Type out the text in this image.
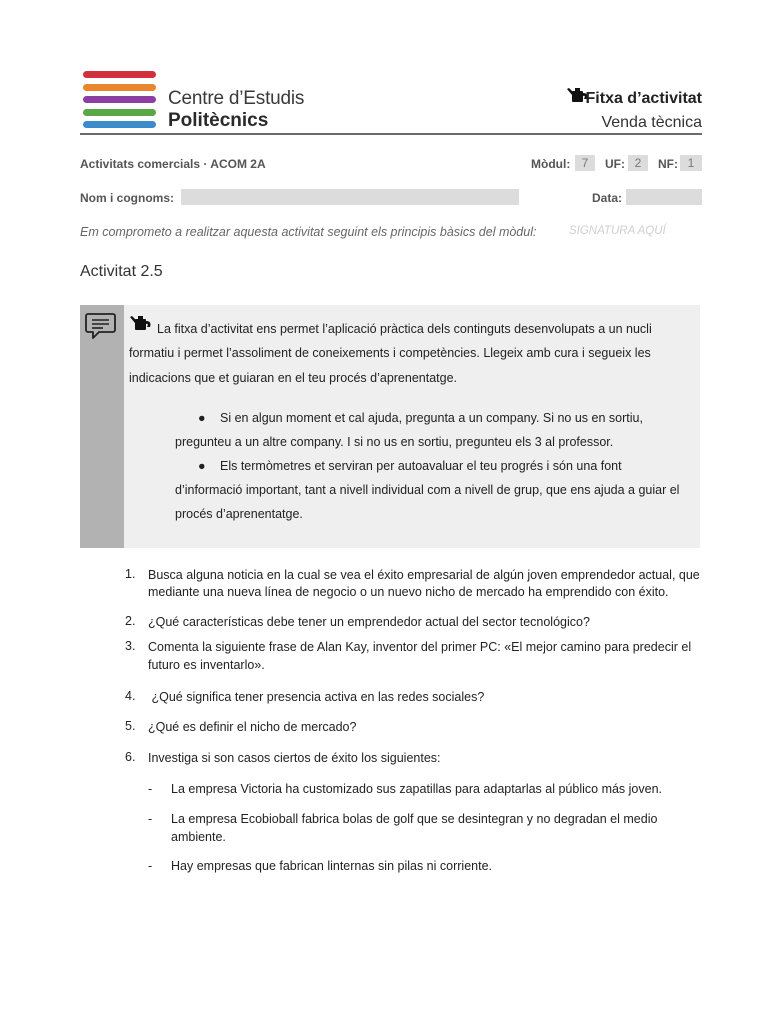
Centre d’Estudis
Politècnics
Fitxa d’activitat
Venda tècnica
Activitats comercials · ACOM 2A	Mòdul: 7	UF: 2	NF: 1
Nom i cognoms:	Data:
Em comprometo a realitzar aquesta activitat seguint els principis bàsics del mòdul:	SIGNATURA AQUÍ
Activitat 2.5
La fitxa d’activitat ens permet l’aplicació pràctica dels continguts desenvolupats a un nucli
formatiu i permet l’assoliment de coneixements i competències. Llegeix amb cura i segueix les
indicacions que et guiaran en el teu procés d’aprenentatge.
● Si en algun moment et cal ajuda, pregunta a un company. Si no us en sortiu,
pregunteu a un altre company. I si no us en sortiu, pregunteu els 3 al professor.
● Els termòmetres et serviran per autoavaluar el teu progrés i són una font
d’informació important, tant a nivell individual com a nivell de grup, que ens ajuda a guiar el
procés d’aprenentatge.
1. Busca alguna noticia en la cual se vea el éxito empresarial de algún joven emprendedor actual, que
mediante una nueva línea de negocio o un nuevo nicho de mercado ha emprendido con éxito.
2. ¿Qué características debe tener un emprendedor actual del sector tecnológico?
3. Comenta la siguiente frase de Alan Kay, inventor del primer PC: «El mejor camino para predecir el
futuro es inventarlo».
4. ¿Qué significa tener presencia activa en las redes sociales?
5. ¿Qué es definir el nicho de mercado?
6. Investiga si son casos ciertos de éxito los siguientes:
- La empresa Victoria ha customizado sus zapatillas para adaptarlas al público más joven.
- La empresa Ecobioball fabrica bolas de golf que se desintegran y no degradan el medio
ambiente.
- Hay empresas que fabrican linternas sin pilas ni corriente.
